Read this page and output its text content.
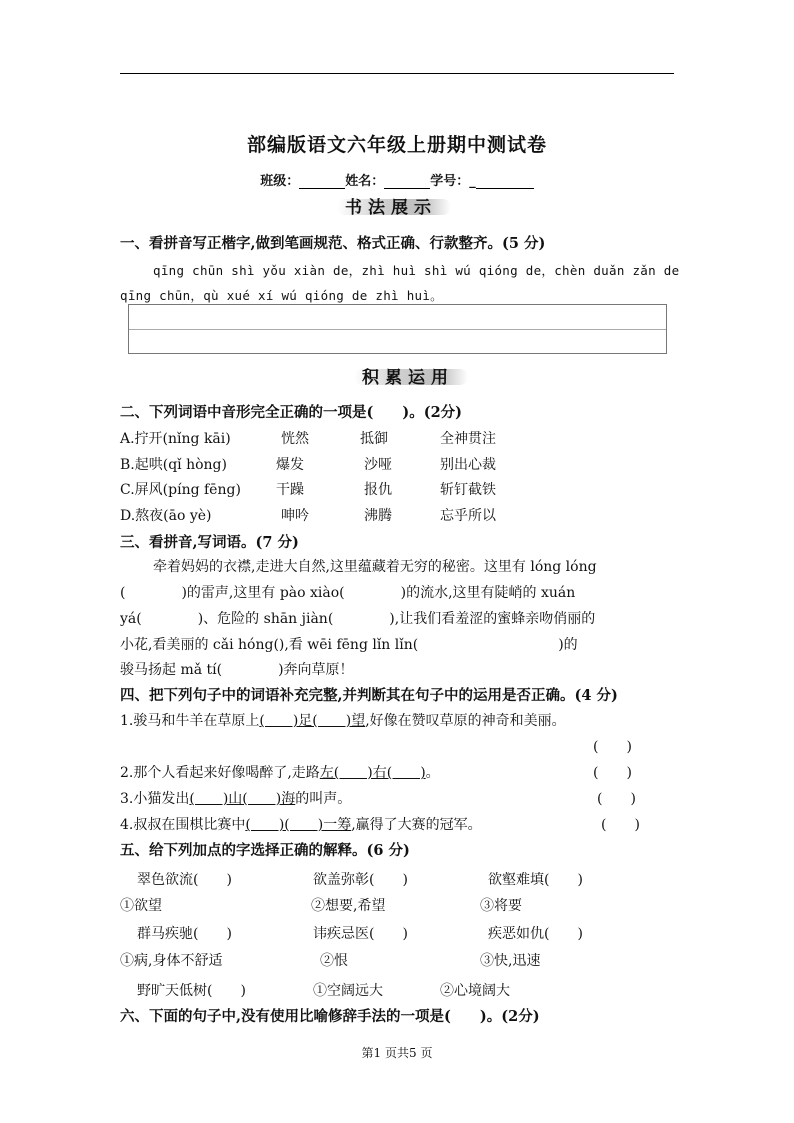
部编版语文六年级上册期中测试卷
班级：	姓名：	学号：_
书法展示
一、看拼音写正楷字,做到笔画规范、格式正确、行款整齐。(5 分)
qīng chūn shì yǒu xiàn de，zhì huì shì wú qióng de，chèn duǎn zǎn de
qīng chūn，qù xué xí wú qióng de zhì huì。
积累运用
二、下列词语中音形完全正确的一项是(　　)。(2分)
A.拧开(nǐng kāi)	恍然	抵御	全神贯注
B.起哄(qǐ hòng)	爆发	沙哑	别出心裁
C.屏风(píng fēng)	干躁	报仇	斩钉截铁
D.熬夜(āo yè)	呻吟	沸腾	忘乎所以
三、看拼音,写词语。(7 分)
牵着妈妈的衣襟,走进大自然,这里蕴藏着无穷的秘密。这里有 lóng lóng
(　　　　)的雷声,这里有 pào xiào(　　　　)的流水,这里有陡峭的 xuán
yá(　　　　)、危险的 shān jiàn(　　　　),让我们看羞涩的蜜蜂亲吻俏丽的
小花,看美丽的 cǎi hóng(),看 wēi fēng lǐn lǐn(　　　　　　　　　　)的
骏马扬起 mǎ tí(　　　　)奔向草原！
四、把下列句子中的词语补充完整,并判断其在句子中的运用是否正确。(4 分)
1.骏马和牛羊在草原上(　　)足(　　)望,好像在赞叹草原的神奇和美丽。
(　　)
2.那个人看起来好像喝醉了,走路左(　　)右(　　)。	(　　)
3.小猫发出(　　)山(　　)海的叫声。	(　　)
4.叔叔在围棋比赛中(　　)(　　)一筹,赢得了大赛的冠军。	(　　)
五、给下列加点的字选择正确的解释。(6 分)
翠色欲流(　　)	欲盖弥彰(　　)	欲壑难填(　　)
①欲望	②想要,希望	③将要
群马疾驰(　　)	讳疾忌医(　　)	疾恶如仇(　　)
①病,身体不舒适	②恨	③快,迅速
野旷天低树(　　)	①空阔远大	②心境阔大
六、下面的句子中,没有使用比喻修辞手法的一项是(　　)。(2分)
第1 页共5 页
